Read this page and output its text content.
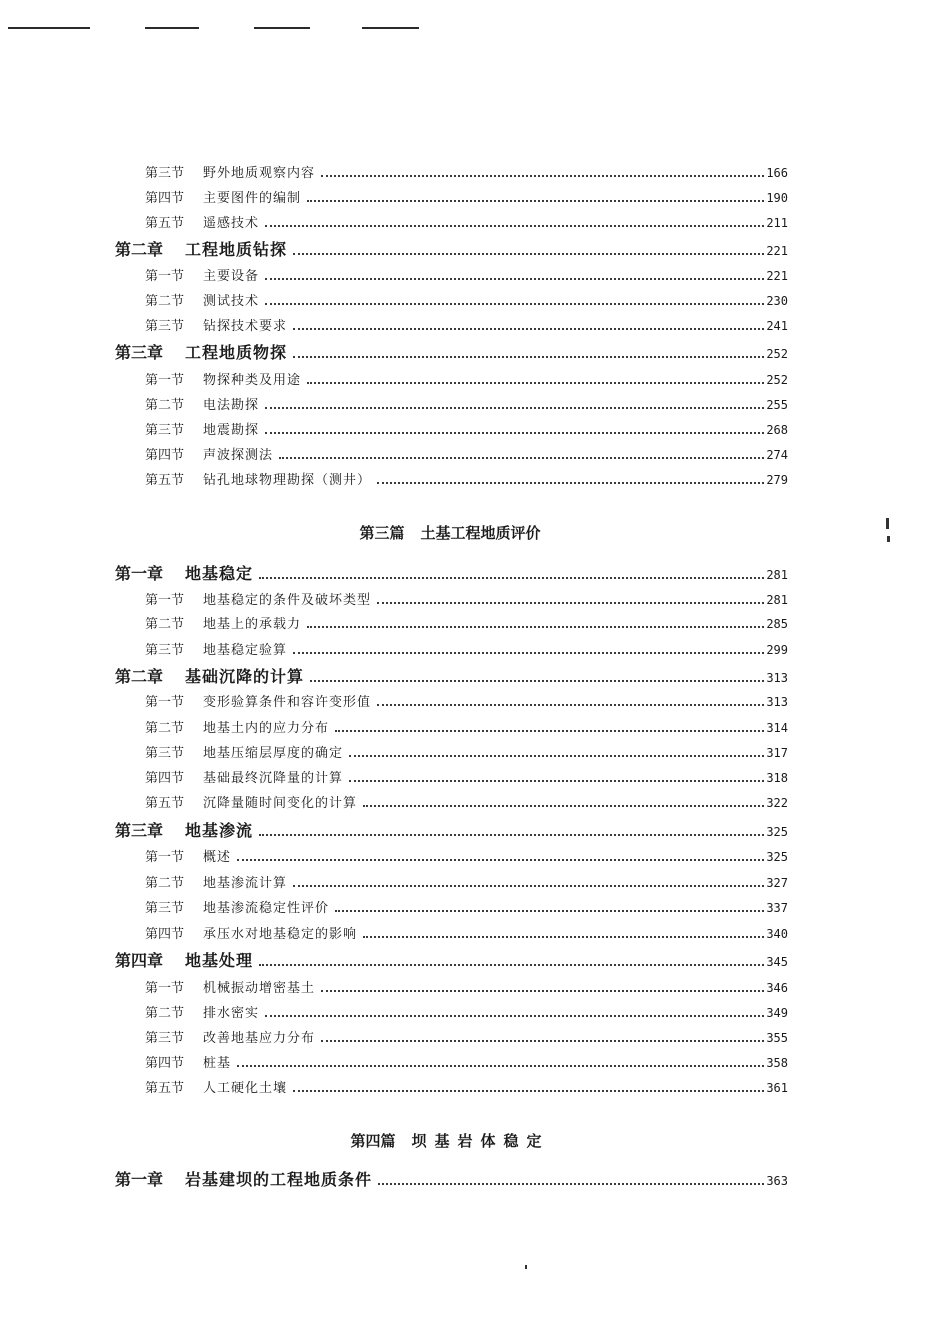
第三节	野外地质观察内容	166
第四节	主要图件的编制	190
第五节	遥感技术	211
第二章	工程地质钻探	221
第一节	主要设备	221
第二节	测试技术	230
第三节	钻探技术要求	241
第三章	工程地质物探	252
第一节	物探种类及用途	252
第二节	电法勘探	255
第三节	地震勘探	268
第四节	声波探测法	274
第五节	钻孔地球物理勘探（测井）	279
第三篇 土基工程地质评价
第一章	地基稳定	281
第一节	地基稳定的条件及破坏类型	281
第二节	地基上的承载力	285
第三节	地基稳定验算	299
第二章	基础沉降的计算	313
第一节	变形验算条件和容许变形值	313
第二节	地基土内的应力分布	314
第三节	地基压缩层厚度的确定	317
第四节	基础最终沉降量的计算	318
第五节	沉降量随时间变化的计算	322
第三章	地基渗流	325
第一节	概述	325
第二节	地基渗流计算	327
第三节	地基渗流稳定性评价	337
第四节	承压水对地基稳定的影响	340
第四章	地基处理	345
第一节	机械振动增密基土	346
第二节	排水密实	349
第三节	改善地基应力分布	355
第四节	桩基	358
第五节	人工硬化土壤	361
第四篇 坝基岩体稳定
第一章	岩基建坝的工程地质条件	363
